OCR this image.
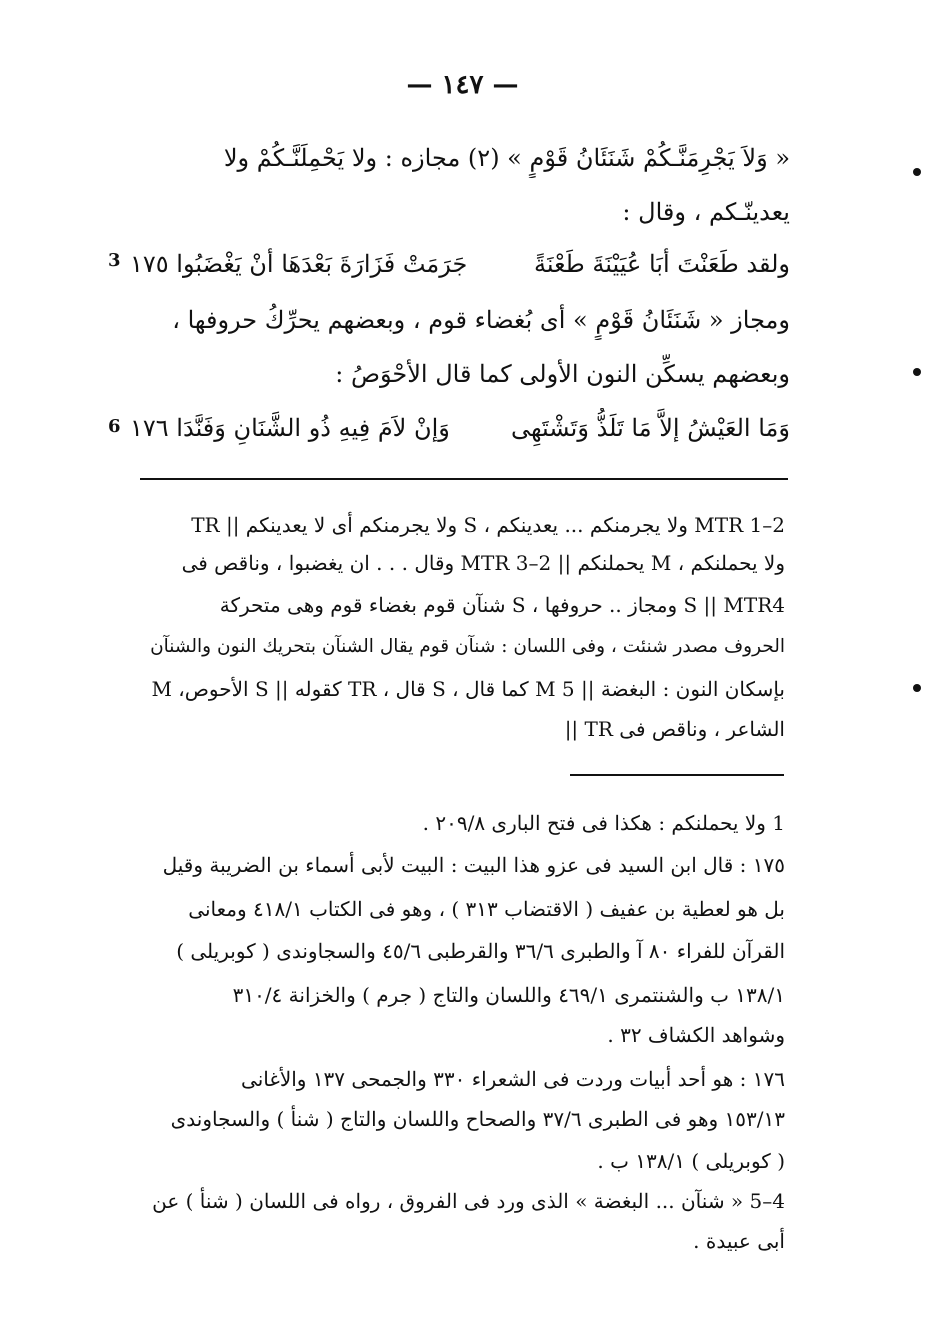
— ١٤٧ —
« وَلاَ يَجْرِمَنَّـكُمْ شَنَئَانُ قَوْمٍ » (٢) مجازه : ولا يَحْمِلَنَّـكُمْ ولا
يعدينّـكم ، وقال :
3	ولقد طَعَنْتَ أبَا عُيَيْنَةَ طَعْنَةً
جَرَمَتْ فَزَارَةَ بَعْدَهَا أنْ يَغْضَبُوا ١٧٥
ومجاز « شَنَئَانُ قَوْمٍ » أى بُغضاء قوم ، وبعضهم يحرِّكُ حروفها ،
وبعضهم يسكِّن النون الأولى كما قال الأحْوَصُ :
6	وَمَا العَيْشُ إلاَّ مَا تَلَذُّ وَتَشْتَهِى
وَإنْ لاَمَ فِيهِ ذُو الشَّنَانِ وَفَنَّدَا ١٧٦
2–1 MTR ولا يجرمنكم ... يعدينكم ، S ولا يجرمنكم أى لا يعدينكم || TR
ولا يحملنكم ، M يحملنكم || 2–3 MTR وقال . . . ان يغضبوا ، وناقص فى
S || MTR4 ومجاز .. حروفها ، S شنآن قوم بغضاء قوم وهى متحركة
الحروف مصدر شنئت ، وفى اللسان : شنآن قوم يقال الشنآن بتحريك النون والشنآن
بإسكان النون : البغضة || 5 M كما قال ، S قال ، TR كقوله || S الأحوص، M
الشاعر ، وناقص فى TR ||
1 ولا يحملنكم : هكذا فى فتح البارى ٢٠٩/٨ .
١٧٥ : قال ابن السيد فى عزو هذا البيت : البيت لأبى أسماء بن الضريبة وقيل
بل هو لعطية بن عفيف ( الاقتضاب ٣١٣ ) ، وهو فى الكتاب ٤١٨/١ ومعانى
القرآن للفراء ٨٠ آ والطبرى ٣٦/٦ والقرطبى ٤٥/٦ والسجاوندى ( كوبريلى )
١٣٨/١ ب والشنتمرى ٤٦٩/١ واللسان والتاج ( جرم ) والخزانة ٣١٠/٤
وشواهد الكشاف ٣٢ .
١٧٦ : هو أحد أبيات وردت فى الشعراء ٣٣٠ والجمحى ١٣٧ والأغانى
١٥٣/١٣ وهو فى الطبرى ٣٧/٦ والصحاح واللسان والتاج ( شنأ ) والسجاوندى
( كوبريلى ) ١٣٨/١ ب .
4–5 « شنآن ... البغضة » الذى ورد فى الفروق ، رواه فى اللسان ( شنأ ) عن
أبى عبيدة .
